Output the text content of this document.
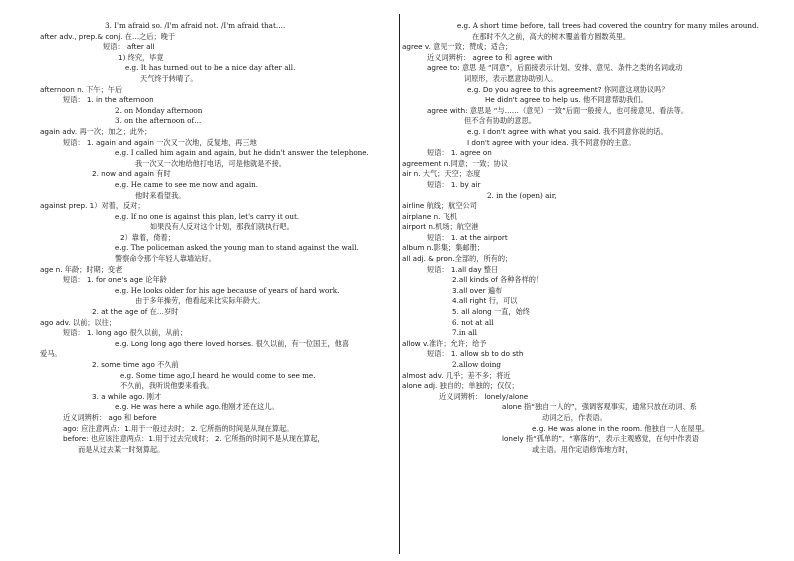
3. I'm afraid so. /I'm afraid not. /I'm afraid that….
after adv., prep.& conj. 在…之后；晚于
短语： after all
1) 终究，毕竟
e.g. It has turned out to be a nice day after all.
天气终于转晴了。
afternoon n. 下午；午后
短语： 1. in the afternoon
2. on Monday afternoon
3. on the afternoon of…
again adv. 再一次；加之；此外；
短语： 1. again and again 一次又一次地，反复地，再三地
e.g. I called him again and again, but he didn't answer the telephone.
我一次又一次地给他打电话，可是他就是不接。
2. now and again 有时
e.g. He came to see me now and again.
他时来看望我。
against prep. 1）对着，反对；
e.g. If no one is against this plan, let's carry it out.
如果没有人反对这个计划，那我们就执行吧。
2）靠着，倚着；
e.g. The policeman asked the young man to stand against the wall.
警察命令那个年轻人靠墙站好。
age n. 年龄；时期；变老
短语： 1. for one's age 论年龄
e.g. He looks older for his age because of years of hard work.
由于多年操劳，他看起来比实际年龄大。
2. at the age of 在…岁时
ago adv. 以前；以往；
短语： 1. long ago 很久以前，从前；
e.g. Long long ago there loved horses. 很久以前，有一位国王，他喜
爱马。
2. some time ago 不久前
e.g. Some time ago,I heard he would come to see me.
不久前，我听说他要来看我。
3. a while ago. 刚才
e.g. He was here a while ago.他刚才还在这儿。
近义词辨析： ago 和 before
ago: 应注意两点：1.用于一般过去时； 2. 它所指的时间是从现在算起。
before: 也应该注意两点：1.用于过去完成时； 2. 它所指的时间不是从现在算起，
而是从过去某一时刻算起。
e.g. A short time before, tall trees had covered the country for many miles around.
在那时不久之前，高大的树木覆盖着方圆数英里。
agree v. 意见一致；赞成；适合；
近义词辨析： agree to 和 agree with
agree to: 意思 是 “同意”，后面接表示计划、安排、意见、条件之类的名词或动
词原形，表示愿意协助别人。
e.g. Do you agree to this agreement? 你同意这项协议吗？
He didn't agree to help us. 他不同意帮助我们。
agree with: 意思是 “与……（意见）一致”后面一般接人，也可接意见、看法等。
但不含有协助的意思。
e.g. I don't agree with what you said. 我不同意你说的话。
I don't agree with your idea. 我不同意你的主意。
短语： 1. agree on
agreement n.同意；一致；协议
air n. 大气；天空；态度
短语： 1. by air
2. in the (open) air,
airline 航线；航空公司
airplane n. 飞机
airport n.机场；航空港
短语： 1. at the airport
album n.影集；集邮册；
all adj. & pron.全部的，所有的；
短语： 1.all day 整日
2.all kinds of 各种各样的！
3.all over 遍布
4.all right 行，可以
5. all along 一直，始终
6. not at all
7.in all
allow v.准许；允许；给予
短语： 1. allow sb to do sth
2.allow doing
almost adv. 几乎；差不多；将近
alone adj. 独自的；单独的；仅仅；
近义词辨析： lonely/alone
alone 指“独自一人的”，强调客观事实，通常只放在动词、系
动词之后，作表语。
e.g. He was alone in the room. 他独自一人在屋里。
lonely 指“孤单的”、“寨落的”，表示主观感觉，在句中作表语
或主语。用作定语修饰地方时，
